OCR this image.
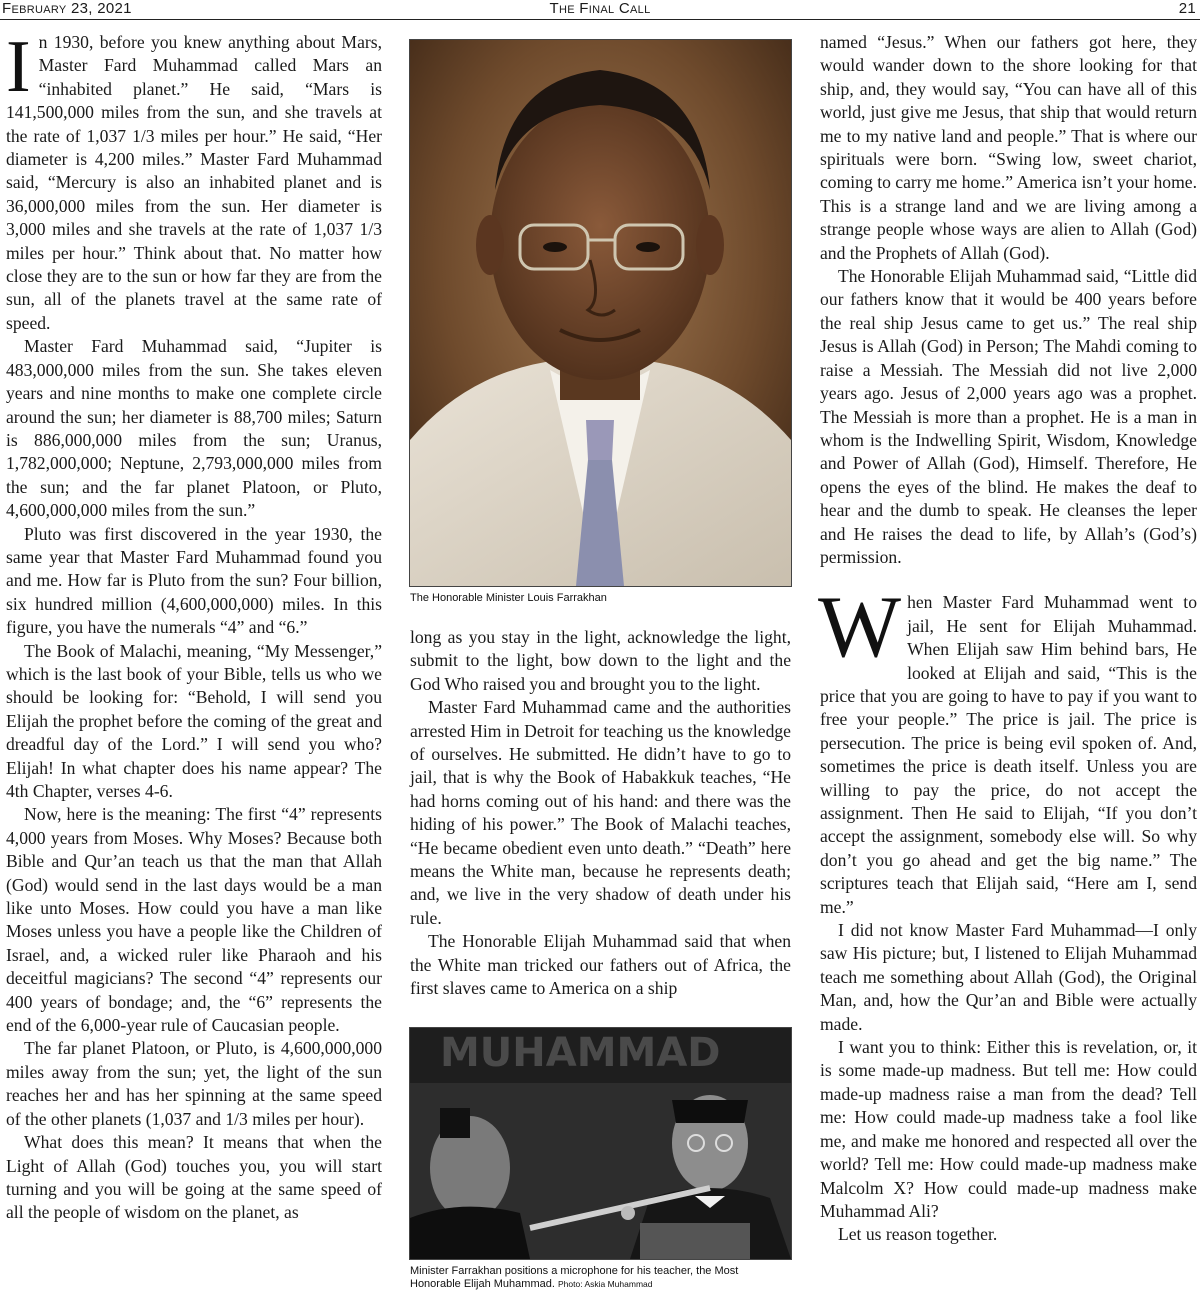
February 23, 2021	The Final Call	21

In 1930, before you knew anything about Mars, Master Fard Muhammad called Mars an “inhabited planet.” He said, “Mars is 141,500,000 miles from the sun, and she travels at the rate of 1,037 1/3 miles per hour.” He said, “Her diameter is 4,200 miles.” Master Fard Muhammad said, “Mercury is also an inhabited planet and is 36,000,000 miles from the sun. Her diameter is 3,000 miles and she travels at the rate of 1,037 1/3 miles per hour.” Think about that. No matter how close they are to the sun or how far they are from the sun, all of the planets travel at the same rate of speed.

Master Fard Muhammad said, “Jupiter is 483,000,000 miles from the sun. She takes eleven years and nine months to make one complete circle around the sun; her diameter is 88,700 miles; Saturn is 886,000,000 miles from the sun; Uranus, 1,782,000,000; Neptune, 2,793,000,000 miles from the sun; and the far planet Platoon, or Pluto, 4,600,000,000 miles from the sun.”

Pluto was first discovered in the year 1930, the same year that Master Fard Muhammad found you and me. How far is Pluto from the sun? Four billion, six hundred million (4,600,000,000) miles. In this figure, you have the numerals “4” and “6.”

The Book of Malachi, meaning, “My Messenger,” which is the last book of your Bible, tells us who we should be looking for: “Behold, I will send you Elijah the prophet before the coming of the great and dreadful day of the Lord.” I will send you who? Elijah! In what chapter does his name appear? The 4th Chapter, verses 4-6.

Now, here is the meaning: The first “4” represents 4,000 years from Moses. Why Moses? Because both Bible and Qur’an teach us that the man that Allah (God) would send in the last days would be a man like unto Moses. How could you have a man like Moses unless you have a people like the Children of Israel, and, a wicked ruler like Pharaoh and his deceitful magicians? The second “4” represents our 400 years of bondage; and, the “6” represents the end of the 6,000-year rule of Caucasian people.

The far planet Platoon, or Pluto, is 4,600,000,000 miles away from the sun; yet, the light of the sun reaches her and has her spinning at the same speed of the other planets (1,037 and 1/3 miles per hour).

What does this mean? It means that when the Light of Allah (God) touches you, you will start turning and you will be going at the same speed of all the people of wisdom on the planet, as

The Honorable Minister Louis Farrakhan

long as you stay in the light, acknowledge the light, submit to the light, bow down to the light and the God Who raised you and brought you to the light.

Master Fard Muhammad came and the authorities arrested Him in Detroit for teaching us the knowledge of ourselves. He submitted. He didn’t have to go to jail, that is why the Book of Habakkuk teaches, “He had horns coming out of his hand: and there was the hiding of his power.” The Book of Malachi teaches, “He became obedient even unto death.” “Death” here means the White man, because he represents death; and, we live in the very shadow of death under his rule.

The Honorable Elijah Muhammad said that when the White man tricked our fathers out of Africa, the first slaves came to America on a ship

MUHAMMAD
Minister Farrakhan positions a microphone for his teacher, the Most Honorable Elijah Muhammad. Photo: Askia Muhammad

named “Jesus.” When our fathers got here, they would wander down to the shore looking for that ship, and, they would say, “You can have all of this world, just give me Jesus, that ship that would return me to my native land and people.” That is where our spirituals were born. “Swing low, sweet chariot, coming to carry me home.” America isn’t your home. This is a strange land and we are living among a strange people whose ways are alien to Allah (God) and the Prophets of Allah (God).

The Honorable Elijah Muhammad said, “Little did our fathers know that it would be 400 years before the real ship Jesus came to get us.” The real ship Jesus is Allah (God) in Person; The Mahdi coming to raise a Messiah. The Messiah did not live 2,000 years ago. Jesus of 2,000 years ago was a prophet. The Messiah is more than a prophet. He is a man in whom is the Indwelling Spirit, Wisdom, Knowledge and Power of Allah (God), Himself. Therefore, He opens the eyes of the blind. He makes the deaf to hear and the dumb to speak. He cleanses the leper and He raises the dead to life, by Allah’s (God’s) permission.

When Master Fard Muhammad went to jail, He sent for Elijah Muhammad. When Elijah saw Him behind bars, He looked at Elijah and said, “This is the price that you are going to have to pay if you want to free your people.” The price is jail. The price is persecution. The price is being evil spoken of. And, sometimes the price is death itself. Unless you are willing to pay the price, do not accept the assignment. Then He said to Elijah, “If you don’t accept the assignment, somebody else will. So why don’t you go ahead and get the big name.” The scriptures teach that Elijah said, “Here am I, send me.”

I did not know Master Fard Muhammad—I only saw His picture; but, I listened to Elijah Muhammad teach me something about Allah (God), the Original Man, and, how the Qur’an and Bible were actually made.

I want you to think: Either this is revelation, or, it is some made-up madness. But tell me: How could made-up madness raise a man from the dead? Tell me: How could made-up madness take a fool like me, and make me honored and respected all over the world? Tell me: How could made-up madness make Malcolm X? How could made-up madness make Muhammad Ali?

Let us reason together.
